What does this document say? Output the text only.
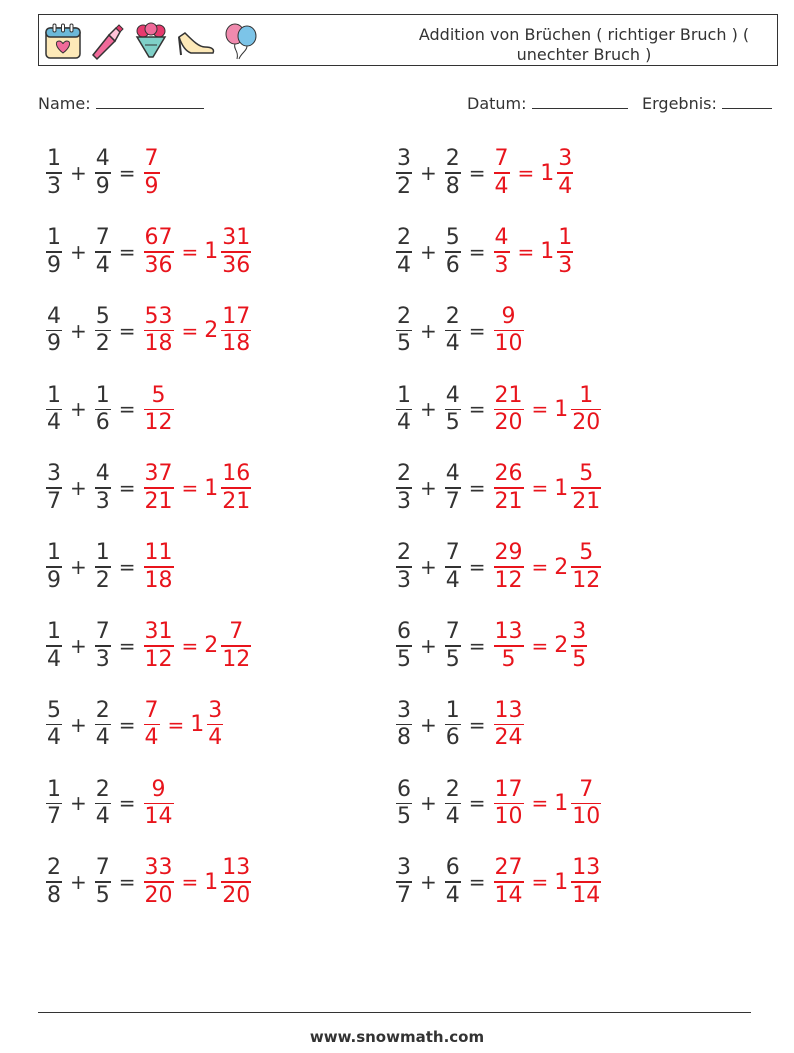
Addition von Brüchen ( richtiger Bruch ) ( unechter Bruch )
Name:	Datum:	Ergebnis:
$\frac{1}{3} + \frac{4}{9} = \frac{7}{9}$	$\frac{3}{2} + \frac{2}{8} = \frac{7}{4} = 1 \frac{3}{4}$
$\frac{1}{9} + \frac{7}{4} = \frac{67}{36} = 1 \frac{31}{36}$	$\frac{2}{4} + \frac{5}{6} = \frac{4}{3} = 1 \frac{1}{3}$
$\frac{4}{9} + \frac{5}{2} = \frac{53}{18} = 2 \frac{17}{18}$	$\frac{2}{5} + \frac{2}{4} = \frac{9}{10}$
$\frac{1}{4} + \frac{1}{6} = \frac{5}{12}$	$\frac{1}{4} + \frac{4}{5} = \frac{21}{20} = 1 \frac{1}{20}$
$\frac{3}{7} + \frac{4}{3} = \frac{37}{21} = 1 \frac{16}{21}$	$\frac{2}{3} + \frac{4}{7} = \frac{26}{21} = 1 \frac{5}{21}$
$\frac{1}{9} + \frac{1}{2} = \frac{11}{18}$	$\frac{2}{3} + \frac{7}{4} = \frac{29}{12} = 2 \frac{5}{12}$
$\frac{1}{4} + \frac{7}{3} = \frac{31}{12} = 2 \frac{7}{12}$	$\frac{6}{5} + \frac{7}{5} = \frac{13}{5} = 2 \frac{3}{5}$
$\frac{5}{4} + \frac{2}{4} = \frac{7}{4} = 1 \frac{3}{4}$	$\frac{3}{8} + \frac{1}{6} = \frac{13}{24}$
$\frac{1}{7} + \frac{2}{4} = \frac{9}{14}$	$\frac{6}{5} + \frac{2}{4} = \frac{17}{10} = 1 \frac{7}{10}$
$\frac{2}{8} + \frac{7}{5} = \frac{33}{20} = 1 \frac{13}{20}$	$\frac{3}{7} + \frac{6}{4} = \frac{27}{14} = 1 \frac{13}{14}$
www.snowmath.com
